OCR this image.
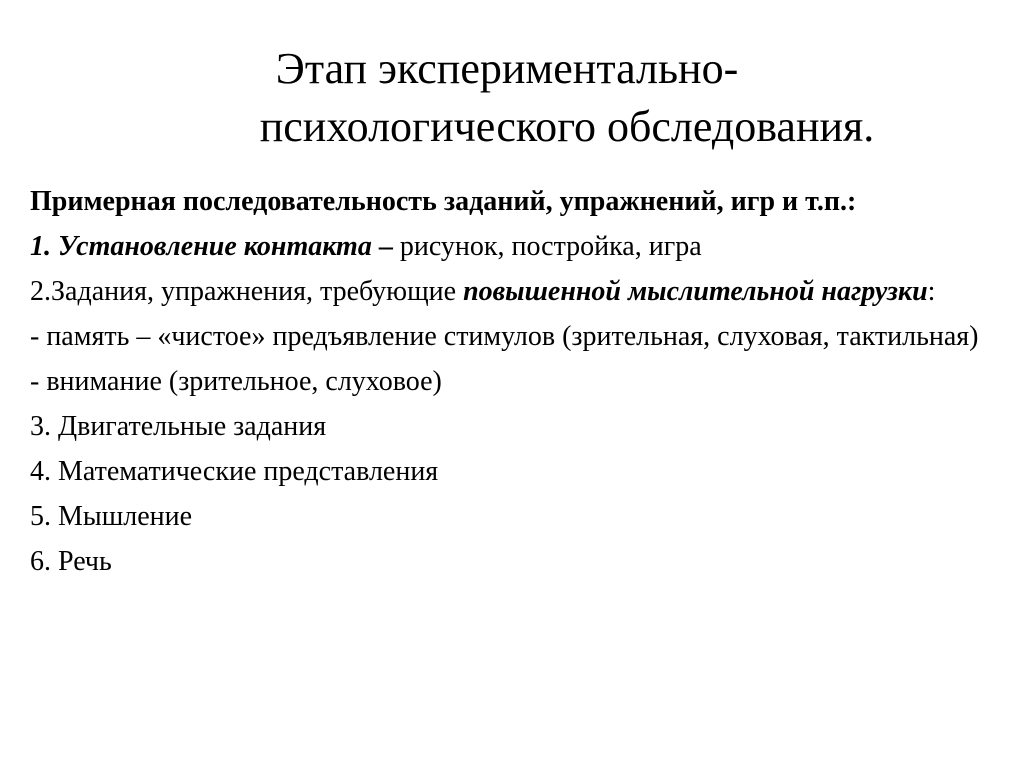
Этап экспериментально-
психологического обследования.

Примерная последовательность заданий, упражнений, игр и т.п.:

1. Установление контакта – рисунок, постройка, игра

2.Задания, упражнения, требующие повышенной мыслительной нагрузки:

- память – «чистое» предъявление стимулов (зрительная, слуховая, тактильная)

- внимание (зрительное, слуховое)

3. Двигательные задания

4. Математические представления

5. Мышление

6. Речь
